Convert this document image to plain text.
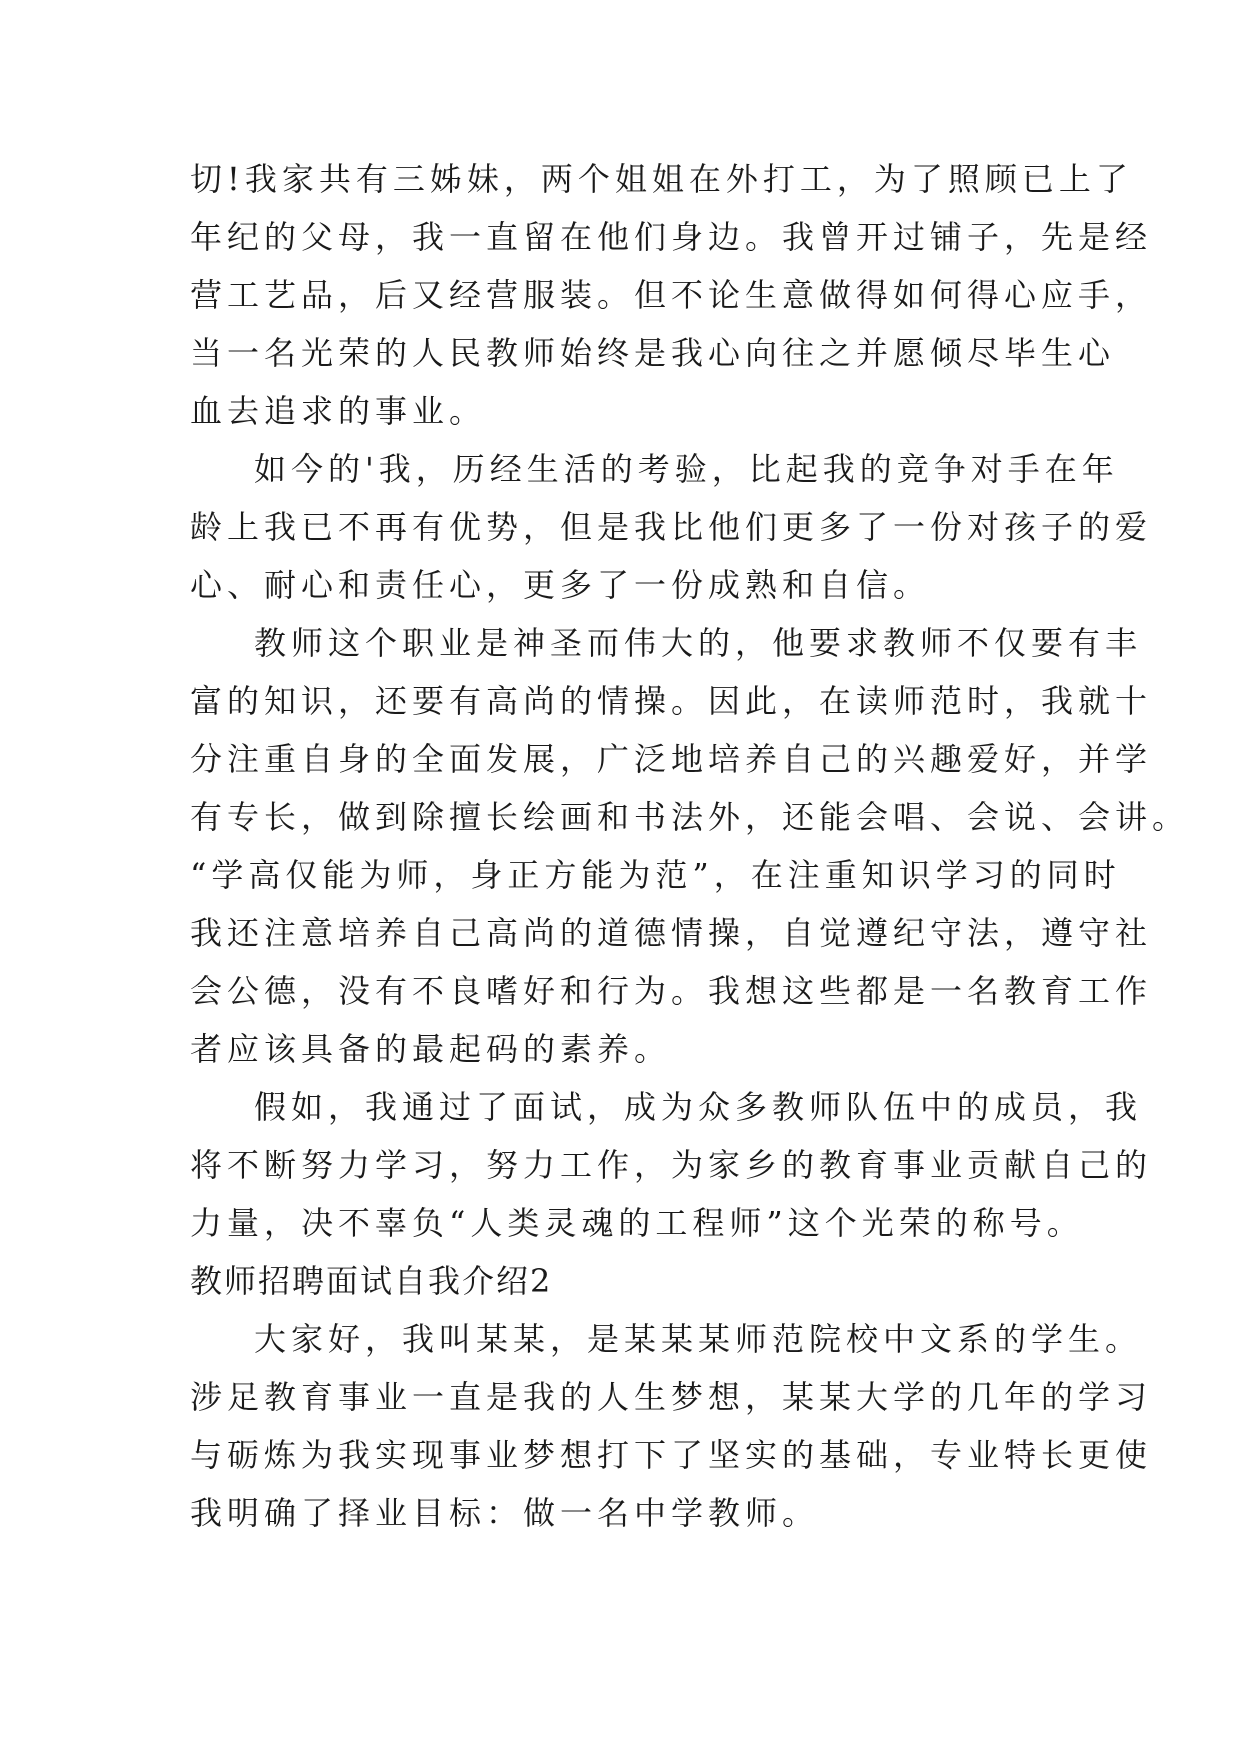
切!我家共有三姊妹，两个姐姐在外打工，为了照顾已上了
年纪的父母，我一直留在他们身边。我曾开过铺子，先是经
营工艺品，后又经营服装。但不论生意做得如何得心应手，
当一名光荣的人民教师始终是我心向往之并愿倾尽毕生心
血去追求的事业。
如今的'我，历经生活的考验，比起我的竞争对手在年
龄上我已不再有优势，但是我比他们更多了一份对孩子的爱
心、耐心和责任心，更多了一份成熟和自信。
教师这个职业是神圣而伟大的，他要求教师不仅要有丰
富的知识，还要有高尚的情操。因此，在读师范时，我就十
分注重自身的全面发展，广泛地培养自己的兴趣爱好，并学
有专长，做到除擅长绘画和书法外，还能会唱、会说、会讲。
“学高仅能为师，身正方能为范”，在注重知识学习的同时
我还注意培养自己高尚的道德情操，自觉遵纪守法，遵守社
会公德，没有不良嗜好和行为。我想这些都是一名教育工作
者应该具备的最起码的素养。
假如，我通过了面试，成为众多教师队伍中的成员，我
将不断努力学习，努力工作，为家乡的教育事业贡献自己的
力量，决不辜负“人类灵魂的工程师”这个光荣的称号。
教师招聘面试自我介绍2
大家好，我叫某某，是某某某师范院校中文系的学生。
涉足教育事业一直是我的人生梦想，某某大学的几年的学习
与砺炼为我实现事业梦想打下了坚实的基础，专业特长更使
我明确了择业目标：做一名中学教师。
